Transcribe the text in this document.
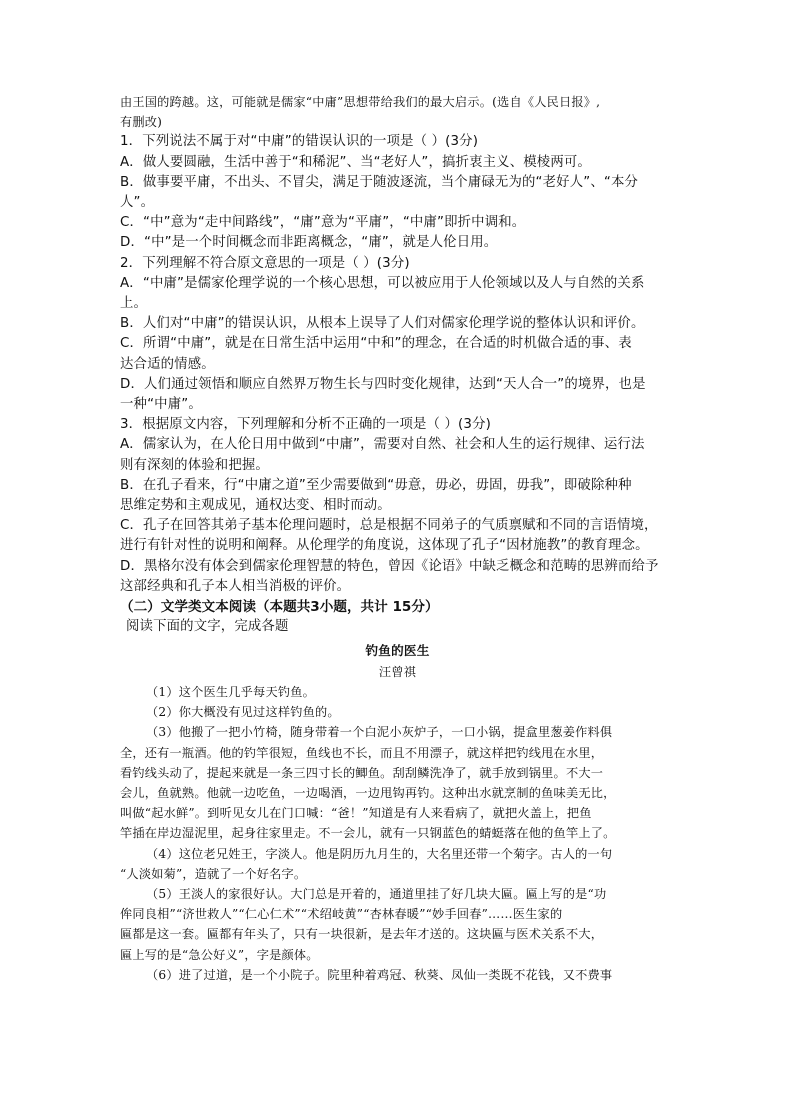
由王国的跨越。这，可能就是儒家“中庸”思想带给我们的最大启示。(选自《人民日报》,

有删改)

1．下列说法不属于对“中庸”的错误认识的一项是（ ）(3分)

A．做人要圆融，生活中善于“和稀泥”、当“老好人”，搞折衷主义、模棱两可。

B．做事要平庸，不出头、不冒尖，满足于随波逐流，当个庸碌无为的“老好人”、“本分

人”。

C．“中”意为“走中间路线”，“庸”意为“平庸”，“中庸”即折中调和。

D．“中”是一个时间概念而非距离概念，“庸”，就是人伦日用。

2．下列理解不符合原文意思的一项是（ ）(3分)

A．“中庸”是儒家伦理学说的一个核心思想，可以被应用于人伦领域以及人与自然的关系

上。

B．人们对“中庸”的错误认识，从根本上误导了人们对儒家伦理学说的整体认识和评价。

C．所谓“中庸”，就是在日常生活中运用“中和”的理念，在合适的时机做合适的事、表

达合适的情感。

D．人们通过领悟和顺应自然界万物生长与四时变化规律，达到“天人合一”的境界，也是

一种“中庸”。

3．根据原文内容，下列理解和分析不正确的一项是（ ）(3分)

A．儒家认为，在人伦日用中做到“中庸”，需要对自然、社会和人生的运行规律、运行法

则有深刻的体验和把握。

B．在孔子看来，行“中庸之道”至少需要做到“毋意，毋必，毋固，毋我”，即破除种种

思维定势和主观成见，通权达变、相时而动。

C．孔子在回答其弟子基本伦理问题时，总是根据不同弟子的气质禀赋和不同的言语情境，

进行有针对性的说明和阐释。从伦理学的角度说，这体现了孔子“因材施教”的教育理念。

D．黑格尔没有体会到儒家伦理智慧的特色，曾因《论语》中缺乏概念和范畴的思辨而给予

这部经典和孔子本人相当消极的评价。

（二）文学类文本阅读（本题共3小题，共计 15分）

阅读下面的文字，完成各题

钓鱼的医生

汪曾祺

（1）这个医生几乎每天钓鱼。

（2）你大概没有见过这样钓鱼的。

（3）他搬了一把小竹椅，随身带着一个白泥小灰炉子，一口小锅，提盒里葱姜作料俱

全，还有一瓶酒。他的钓竿很短，鱼线也不长，而且不用漂子，就这样把钓线甩在水里，

看钓线头动了，提起来就是一条三四寸长的鲫鱼。刮刮鳞洗净了，就手放到锅里。不大一

会儿，鱼就熟。他就一边吃鱼，一边喝酒，一边甩钩再钓。这种出水就烹制的鱼味美无比，

叫做“起水鲜”。到听见女儿在门口喊：“爸！”知道是有人来看病了，就把火盖上，把鱼

竿插在岸边湿泥里，起身往家里走。不一会儿，就有一只钢蓝色的蜻蜓落在他的鱼竿上了。

（4）这位老兄姓王，字淡人。他是阴历九月生的，大名里还带一个菊字。古人的一句

“人淡如菊”，造就了一个好名字。

（5）王淡人的家很好认。大门总是开着的，通道里挂了好几块大匾。匾上写的是“功

侔同良相”“济世救人”“仁心仁术”“术绍岐黄”“杏林春暖”“妙手回春”……医生家的

匾都是这一套。匾都有年头了，只有一块很新，是去年才送的。这块匾与医术关系不大，

匾上写的是“急公好义”，字是颜体。

（6）进了过道，是一个小院子。院里种着鸡冠、秋葵、凤仙一类既不花钱，又不费事
